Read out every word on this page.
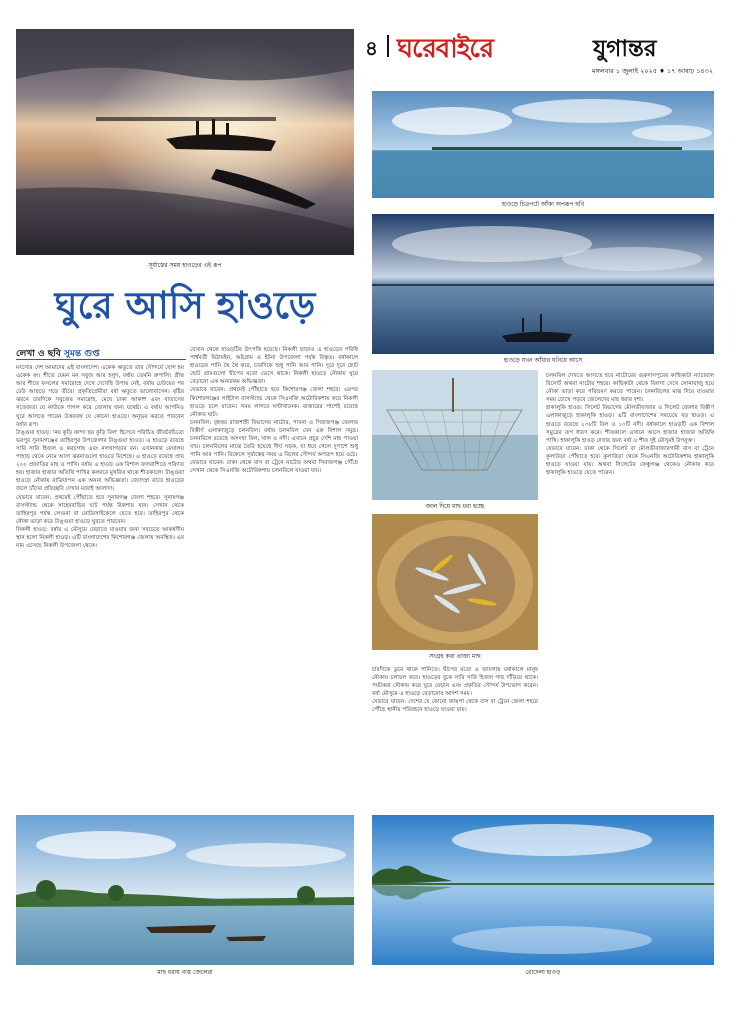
৪ ঘরেবাইরে	যুগান্তর
মঙ্গলবার ১ জুলাই ২০২৫ ♦ ১৭ আষাঢ় ১৪৩২
সূর্যাস্তের সময় হাওড়ের এই রূপ
হাওড়ে চিত্রপটে আঁকা অপরূপ ছবি
হাওড়ে যখন আঁধার ঘনিয়ে আসে
ঘুরে আসি হাওড়ে
লেখা ও ছবি সুমন্ত গুপ্ত

মৎস্যের দেশ আমাদের এই বাংলাদেশ। একেক ঋতুতে তার সৌন্দর্যে যোগ হয় একেক রং। শীতে যেমন মন সবুজ আর হলুদ, বর্ষায় তেমনি রুপালি। গ্রীষ্ম আর শীতে ফসলের সমারোহে দেখে দেখেছি উপায় নেই, বর্ষায় ঢেউয়ের পর ঢেউ আছড়ে পড়ে তীরে। প্রকৃতিপ্রেমীরা বর্ষা ঋতুতে ভালোবাসেন। বৃষ্টির ঝরনে চারদিকে সবুজের সমারোহ, মেঘে ঢাকা আকাশ এবং বাতাসের সতেজতা যে কাউকে পাগল করে তোলার জন্য যথেষ্ট। এ বর্ষায় আপনিও ঘুরে আসতে পারেন উত্তরবঙ্গ যে কোনো হাওড়ে। অনুভব করতে পারবেন বর্ষার রূপ।

টাঙ্গুয়া হাওড়: 'নয় কুড়ি কান্দা ছয় কুড়ি বিল' হিসেবে পরিচিত জীববৈচিত্র্যে ভরপুর সুনামগঞ্জের তাহিরপুর উপজেলার টাঙ্গুয়া হাওড়। এ হাওড়ে রয়েছে সারি সারি হিজল ও করচগাছ এবং নলখাগড়ার বন। এখানকার মেঘালয় পাহাড় থেকে নেমে আসা ঝরনাগুলো হাওড়ে মিশেছে। এ হাওড়ে রয়েছে প্রায় ২০০ প্রজাতির মাছ ও পাখি। বর্ষায় এ হাওড় এক বিশাল জলরাশিতে পরিণত হয়। হাজার হাজার অতিথি পাখির কলরবে মুখরিত থাকে শীতকালে। টাঙ্গুয়া হাওড়ে নৌকায় রাত্রিযাপন এক অনন্য অভিজ্ঞতা। জ্যোৎস্না রাতে হাওড়ের জলে চাঁদের প্রতিচ্ছবি দেখার মজাই আলাদা।

যেভাবে যাবেন: প্রথমেই পৌঁছাতে হবে সুনামগঞ্জ জেলা শহরে। সুনামগঞ্জ বাসস্ট্যান্ড থেকে সাহেববাড়ির ঘাট পর্যন্ত রিকশায় যান। সেখান থেকে তাহিরপুর পর্যন্ত লেগুনা বা মোটরসাইকেলে যেতে হবে। তাহিরপুর থেকে নৌকা ভাড়া করে টাঙ্গুয়া হাওড়ে ঘুরতে পারবেন।

নিকলী হাওড়: বর্ষার এ মৌসুমে বেড়াতে যাওয়ার জন্য সবচেয়ে আকর্ষণীয় স্থান হলো নিকলী হাওড়। এটি বাংলাদেশের কিশোরগঞ্জ জেলায় অবস্থিত। এর নাম এসেছে নিকলী উপজেলা থেকে।

যেখান থেকে হাওড়টির উৎপত্তি হয়েছে। নিকলী ছাড়াও এ হাওড়ের পরিধি পার্শ্ববর্তী মিঠামইন, অষ্টগ্রাম ও ইটনা উপজেলা পর্যন্ত বিস্তৃত। বর্ষাকালে হাওড়ের পানি থৈ থৈ করে, চারদিকে শুধু পানি আর পানি। দূরে দূরে ছোট ছোট গ্রামগুলো দ্বীপের মতো ভেসে থাকে। নিকলী হাওড়ে নৌকায় ঘুরে বেড়ানো এক অন্যরকম অভিজ্ঞতা।

যেভাবে যাবেন: প্রথমেই পৌঁছাতে হবে কিশোরগঞ্জ জেলা শহরে। এরপর কিশোরগঞ্জের গাইটাল বাসস্ট্যান্ড থেকে সিএনজি অটোরিকশায় করে নিকলী হাওড়ে চলে যাবেন। সময় লাগবে ঘণ্টাখানেক। বাজারের পাশেই রয়েছে নৌকার ঘাট।

চলনবিল: বৃহত্তর রাজশাহী বিভাগের নাটোর, পাবনা ও সিরাজগঞ্জ জেলার বিস্তীর্ণ এলাকাজুড়ে চলনবিল। বর্ষায় চলনবিল যেন এক বিশাল সমুদ্র। চলনবিলে রয়েছে অসংখ্য বিল, খাল ও নদী। এখানে প্রচুর দেশি মাছ পাওয়া যায়। চলনবিলের মাঝে তৈরি হয়েছে দীর্ঘ সড়ক, যা ধরে গেলে দুপাশে শুধু পানি আর পানি। বিকেলে সূর্যাস্তের সময় এ বিলের সৌন্দর্য অপরূপ হয়ে ওঠে।

যেভাবে যাবেন: ঢাকা থেকে বাস বা ট্রেনে নাটোর অথবা সিরাজগঞ্জ পৌঁছে সেখান থেকে সিএনজি অটোরিকশায় চলনবিলে যাওয়া যায়।

জাল দিয়ে মাছ ধরা হচ্ছে
সংগ্রহ করা তাজা মাছ

চারদিকে ডুবে থাকে পানিতে। দ্বীপের মতো এ জায়গায় বর্ষাকালে মানুষ নৌকায় চলাচল করে। হাওড়ের বুকে সারি সারি হিজল গাছ দাঁড়িয়ে থাকে। পর্যটকরা নৌকায় করে ঘুরে বেড়ান এবং প্রকৃতির সৌন্দর্য উপভোগ করেন। বর্ষা মৌসুমে এ হাওড়ে বেড়ানোর আদর্শ সময়।

যেভাবে যাবেন: দেশের যে কোনো জায়গা থেকে বাস বা ট্রেনে জেলা শহরে পৌঁছে স্থানীয় পরিবহনে হাওড়ে যাওয়া যায়।

চলনবিল দেখতে আসতে হবে নাটোরের গুরুদাসপুরের কাছিকাটা ন্যাচারাল রিসোর্ট অথবা নাটোর শহরে। কাছিকাটা থেকে বিলসা দেখে সোনাবাজু হয়ে নৌকা ভাড়া করে পরিভ্রমণ করতে পারেন। চলনবিলের মাঝ দিয়ে যাওয়ার সময় চোখে পড়বে জেলেদের মাছ ধরার দৃশ্য।

হাকালুকি হাওড়: সিলেট বিভাগের মৌলভীবাজার ও সিলেট জেলার বিস্তীর্ণ এলাকাজুড়ে হাকালুকি হাওড়। এটি বাংলাদেশের সবচেয়ে বড় হাওড়। এ হাওড়ে রয়েছে ২৩৮টি বিল ও ১০টি নদী। বর্ষাকালে হাওড়টি এক বিশাল সমুদ্রের রূপ ধারণ করে। শীতকালে এখানে আসে হাজার হাজার অতিথি পাখি। হাকালুকি হাওড় দেখার জন্য বর্ষা ও শীত দুই মৌসুমই উপযুক্ত।

যেভাবে যাবেন: ঢাকা থেকে সিলেট বা মৌলভীবাজারগামী বাস বা ট্রেনে কুলাউড়া পৌঁছাতে হবে। কুলাউড়া থেকে সিএনজি অটোরিকশায় হাকালুকি হাওড়ে যাওয়া যায়। অথবা সিলেটের ফেঞ্চুগঞ্জ থেকেও নৌকায় করে হাকালুকি হাওড়ে যেতে পারেন।

মাছ ধরায় ব্যস্ত জেলেরা	রোদেলা হাওড়
